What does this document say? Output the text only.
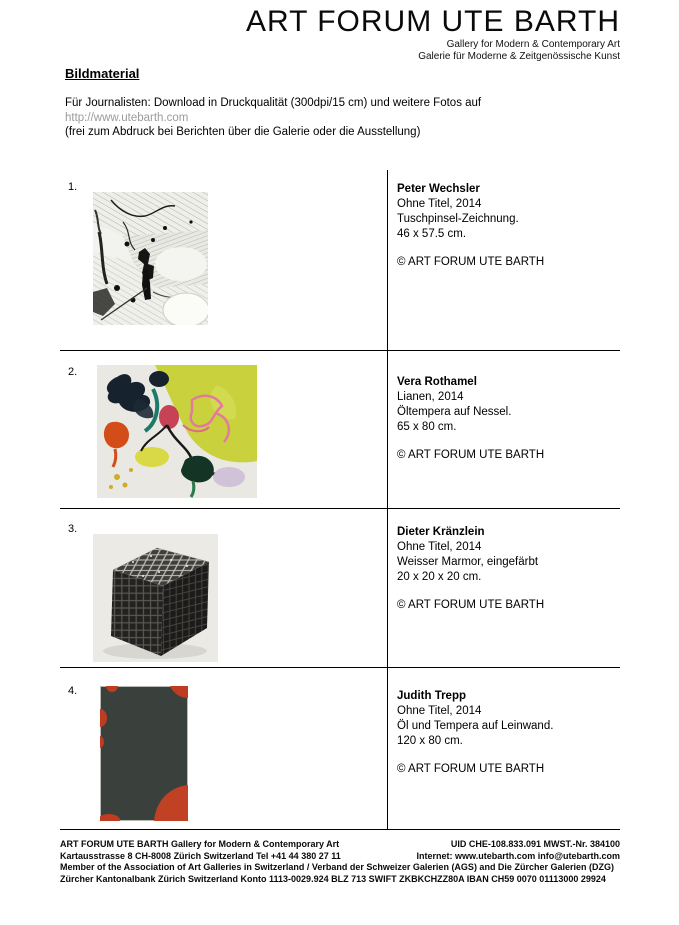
ART FORUM UTE BARTH
Gallery for Modern & Contemporary Art
Galerie für Moderne & Zeitgenössische Kunst
Bildmaterial
Für Journalisten: Download in Druckqualität (300dpi/15 cm) und weitere Fotos auf
http://www.utebarth.com
(frei zum Abdruck bei Berichten über die Galerie oder die Ausstellung)
1.	Peter Wechsler
Ohne Titel, 2014
Tuschpinsel-Zeichnung.
46 x 57.5 cm.
© ART FORUM UTE BARTH
2.
Vera Rothamel
Lianen, 2014
Öltempera auf Nessel.
65 x 80 cm.
© ART FORUM UTE BARTH
3.	Dieter Kränzlein
Ohne Titel, 2014
Weisser Marmor, eingefärbt
20 x 20 x 20 cm.
© ART FORUM UTE BARTH
4.	Judith Trepp
Ohne Titel, 2014
Öl und Tempera auf Leinwand.
120 x 80 cm.
© ART FORUM UTE BARTH
ART FORUM UTE BARTH Gallery for Modern & Contemporary Art	UID CHE-108.833.091 MWST.-Nr. 384100
Kartausstrasse 8 CH-8008 Zürich Switzerland Tel +41 44 380 27 11	Internet: www.utebarth.com info@utebarth.com
Member of the Association of Art Galleries in Switzerland / Verband der Schweizer Galerien (AGS) and Die Zürcher Galerien (DZG)
Zürcher Kantonalbank Zürich Switzerland Konto 1113-0029.924 BLZ 713 SWIFT ZKBKCHZZ80A IBAN CH59 0070 01113000 29924
